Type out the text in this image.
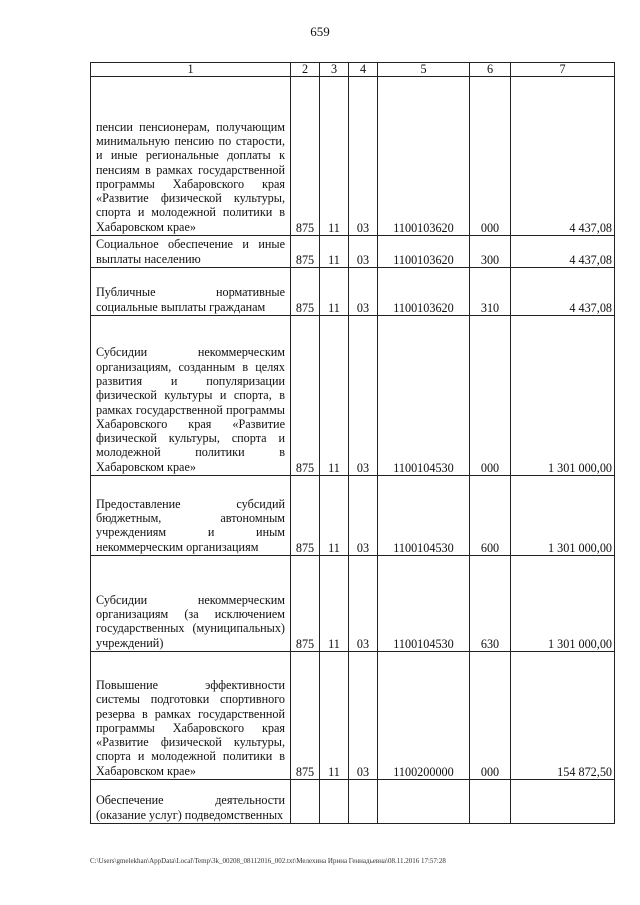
659
1	2	3	4	5	6	7
пенсии пенсионерам, получающим минимальную пенсию по старости, и иные региональные доплаты к пенсиям в рамках государственной программы Хабаровского края «Развитие физической культуры, спорта и молодежной политики в Хабаровском крае»	875	11	03	1100103620	000	4 437,08
Социальное обеспечение и иные выплаты населению	875	11	03	1100103620	300	4 437,08
Публичные нормативные социальные выплаты гражданам	875	11	03	1100103620	310	4 437,08
Субсидии некоммерческим организациям, созданным в целях развития и популяризации физической культуры и спорта, в рамках государственной программы Хабаровского края «Развитие физической культуры, спорта и молодежной политики в Хабаровском крае»	875	11	03	1100104530	000	1 301 000,00
Предоставление субсидий бюджетным, автономным учреждениям и иным некоммерческим организациям	875	11	03	1100104530	600	1 301 000,00
Субсидии некоммерческим организациям (за исключением государственных (муниципальных) учреждений)	875	11	03	1100104530	630	1 301 000,00
Повышение эффективности системы подготовки спортивного резерва в рамках государственной программы Хабаровского края «Развитие физической культуры, спорта и молодежной политики в Хабаровском крае»	875	11	03	1100200000	000	154 872,50
Обеспечение деятельности (оказание услуг) подведомственных						
C:\Users\gmelekhan\AppData\Local\Temp\3k_00208_08112016_002.txt\Мелехина Ирина Геннадьевна\08.11.2016 17:57:28
